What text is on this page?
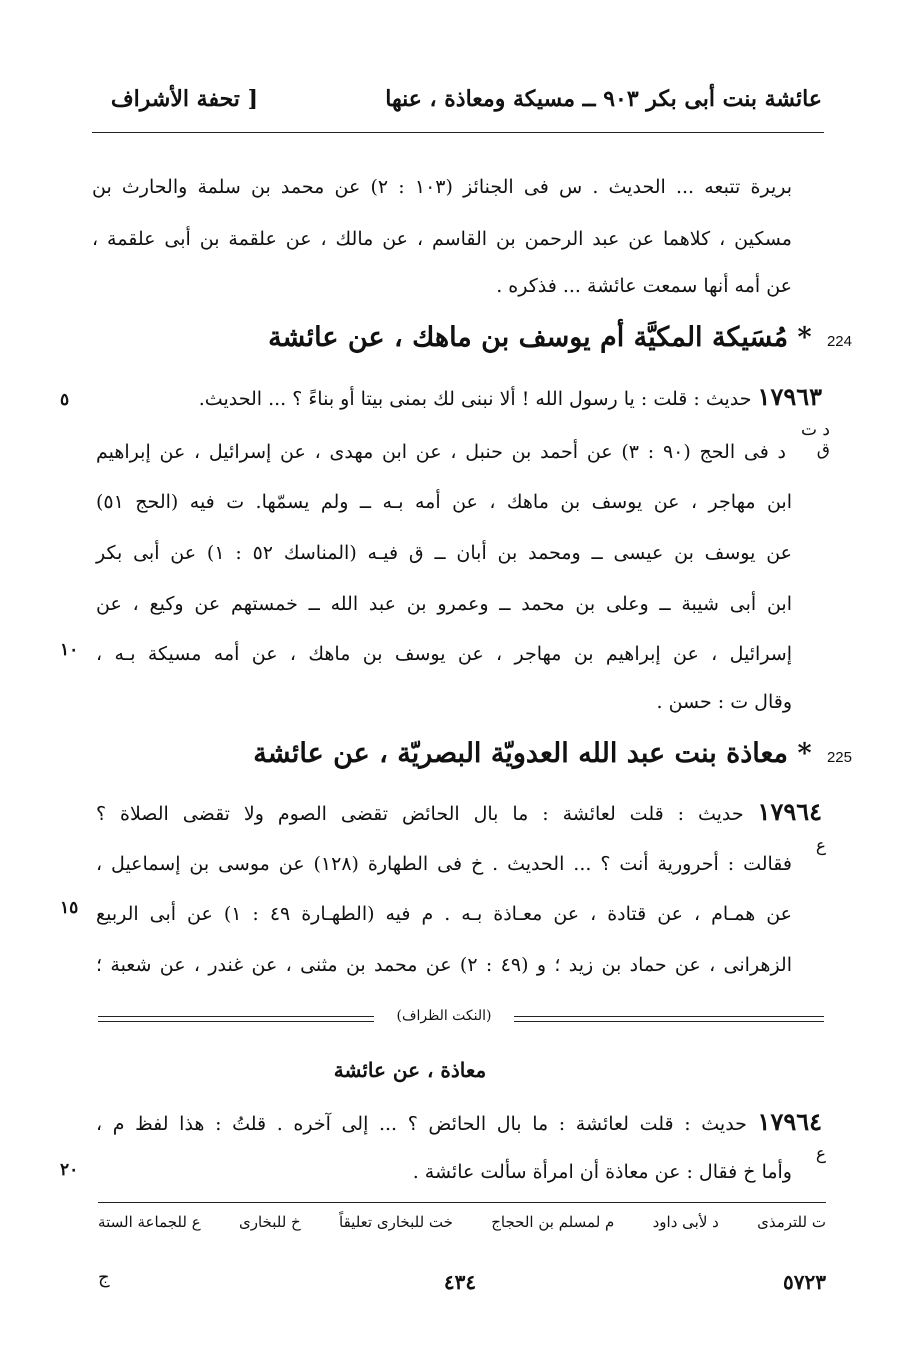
[ تحفة الأشراف	عائشة بنت أبى بكر ٩٠٣ ــ مسيكة ومعاذة ، عنها
بريرة تتبعه ... الحديث . س فى الجنائز (١٠٣ : ٢) عن محمد بن سلمة والحارث بن
مسكين ، كلاهما عن عبد الرحمن بن القاسم ، عن مالك ، عن علقمة بن أبى علقمة ،
عن أمه أنها سمعت عائشة ... فذكره .
224 * مُسَيكة المكيَّة أم يوسف بن ماهك ، عن عائشة
١٧٩٦٣ حديث : قلت : يا رسول الله ! ألا نبنى لك بمنى بيتا أو بناءً ؟ ... الحديث.
د ت ق
د فى الحج (٩٠ : ٣) عن أحمد بن حنبل ، عن ابن مهدى ، عن إسرائيل ، عن إبراهيم
ابن مهاجر ، عن يوسف بن ماهك ، عن أمه بـه ــ ولم يسمّها. ت فيه (الحج ٥١)
عن يوسف بن عيسى ــ ومحمد بن أبان ــ ق فيـه (المناسك ٥٢ : ١) عن أبى بكر
ابن أبى شيبة ــ وعلى بن محمد ــ وعمرو بن عبد الله ــ خمستهم عن وكيع ، عن
إسرائيل ، عن إبراهيم بن مهاجر ، عن يوسف بن ماهك ، عن أمه مسيكة بـه ،
وقال ت : حسن .
225 * معاذة بنت عبد الله العدويّة البصريّة ، عن عائشة
١٧٩٦٤ حديث : قلت لعائشة : ما بال الحائض تقضى الصوم ولا تقضى الصلاة ؟
ع
فقالت : أحرورية أنت ؟ ... الحديث . خ فى الطهارة (١٢٨) عن موسى بن إسماعيل ،
عن همـام ، عن قتادة ، عن معـاذة بـه . م فيه (الطهـارة ٤٩ : ١) عن أبى الربيع
الزهرانى ، عن حماد بن زيد ؛ و (٤٩ : ٢) عن محمد بن مثنى ، عن غندر ، عن شعبة ؛
(النكت الظراف)
معاذة ، عن عائشة
١٧٩٦٤ حديث : قلت لعائشة : ما بال الحائض ؟ ... إلى آخره . قلتُ : هذا لفظ م ،
ع
وأما خ فقال : عن معاذة أن امرأة سألت عائشة .
٥
١٠
١٥
٢٠
ع للجماعة الستة	خ للبخارى	خت للبخارى تعليقاً	م لمسلم بن الحجاج	د لأبى داود	ت للترمذى
ج	٤٣٤	٥٧٢٣
